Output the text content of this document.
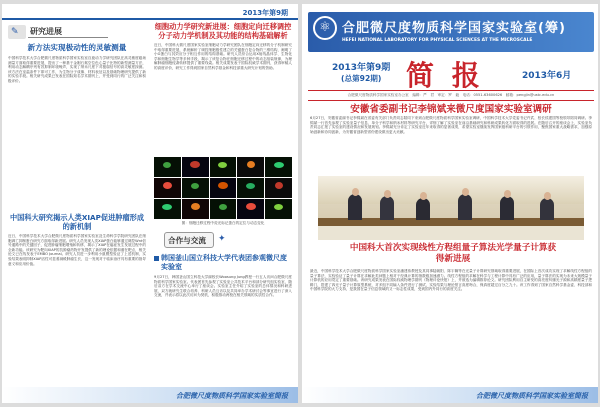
2013年第9期
✎ 研究进展
新方法实现极动性的灵敏测量
中国科学技术大学合肥微尺度物质科学国家实验室自旋动力学研究团队在高灵敏度磁场测量方面取得重要进展，提出了一种基于金刚石氮空位色心量子比特的新型测量方法，利用动态解耦序列有效抑制环境噪声，实现了纳米尺度下对极弱信号的高灵敏度探测。该方法在室温条件下即可工作，为生物分子成像、材料表征以及基础物理研究提供了新的实验手段。相关研究成果已发表在国际知名学术期刊上，并受到同行的广泛关注和积极评价。
中国科大研究揭示人类XIAP促进肿瘤形成的新机制
近日，中国科学技术大学合肥微尺度物质科学国家实验室及生命科学学院研究团队在细胞凋亡抑制蛋白研究方面取得新进展。研究人员发现人类XIAP蛋白能够通过调控Wnt信号通路中的关键因子，促进肿瘤细胞增殖和转移，揭示了XIAP在癌症发生发展过程中的全新功能。该研究为靶向XIAP的抗肿瘤药物开发提供了新的理论依据和潜在靶点，相关论文已在线发表于EMBO Journal。研究人员进一步利用小鼠模型验证了上述机制，实验结果表明抑制XIAP活性可显著减缓肿瘤生长，这一发现对于临床治疗具有重要的指导意义和应用价值。
细胞动力学研究新进展：细胞定向迁移调控分子动力学机制及其功能的结构基础解析
近日，中国科大微尺度国家实验室细胞动力学研究团队在细胞定向迁移的分子机制研究中取得重要进展，系统解析了调控细胞极性建立的关键蛋白复合物的三维结构，阐明了小G蛋白与其效应分子相互作用的结构基础。研究人员综合运用X射线晶体学、生物化学和细胞生物学等多种手段，揭示了该复合物在细胞迁移过程中的动态组装规律，为理解肿瘤细胞侵袭转移提供了重要线索。相关成果发表于国际权威学术期刊，获得审稿人的高度评价，研究工作得到国家自然科学基金和科技部重大研究计划的资助。
图：细胞迁移过程中荧光标记蛋白的定位与动态变化
合作与交流 ✦
韩国釜山国立科技大学代表团参观微尺度实验室
9月27日，韩国釜山国立科技大学副校长Woosung Jung教授一行五人访问合肥微尺度物质科学国家实验室。代表团首先参观了实验室公共技术平台和部分研究组实验室，随后双方在学术交流中心举行了座谈会。实验室主任介绍了实验室的总体情况和科研进展，双方就研究生联合培养、科研人员互访以及共同举办学术研讨会等事宜进行了深入交流，并表示将以此次访问为契机，积极推动两校在相关领域的实质性合作。
合肥微尺度物质科学国家实验室简报
⚛ 合肥微尺度物质科学国家实验室(筹)
HEFEI NATIONAL LABORATORY FOR PHYSICAL SCIENCES AT THE MICROSCALE
2013年第9期
(总第92期) 简 报	2013年6月
合肥微尺度物质科学国家实验室办公室　编辑：严　君　审定：罗　毅　电话：0551-63600626　邮箱：pengjin@ustc.edu.cn
安徽省委副书记李锦斌来微尺度国家实验室调研
6月27日，安徽省委副书记李锦斌在省委有关部门负责同志陪同下来到合肥微尺度物质科学国家实验室调研，中国科学技术大学党委书记许武、校长侯建国等校领导陪同调研。李锦斌一行首先参观了实验室量子信息、单分子科学和纳米材料等研究平台，详细了解了实验室在前沿基础研究和科研成果转化方面取得的进展。在随后召开的座谈会上，实验室负责同志汇报了实验室的建设情况和发展规划。李锦斌充分肯定了实验室近年来取得的显著成绩，希望实验室继续发挥国家级科研平台的引领作用，聚焦国家重大战略需求，加强原始创新和协同创新，为安徽省创新型省份建设做出更大贡献。
中国科大首次实现线性方程组量子算法光学量子计算获得新进展
最近，中国科学技术大学合肥微尺度物质科学国家实验室潘建伟教授及其同事陆朝阳、陈宇翱等在光量子计算研究领域取得重要进展，在国际上首次成功实现了求解线性方程组的量子算法，实验验证了量子计算在求解此类问题上相对于经典计算的指数级加速潜力。线性方程组的求解在科学与工程计算中具有广泛的应用，量子算法的实现为未来大规模量子计算机的应用奠定了重要基础。该研究成果发表在国际权威物理学期刊《物理评论快报》上，并被选为编辑推荐论文。研究团队利用自主研发的高亮度纠缠光子源和高精度量子逻辑门，搭建了四光子量子计算原型系统，对多组不同输入条件进行了测试，实验结果与理论预言高度吻合，保真度超过百分之九十。该工作得到了国家自然科学基金委、科技部和中国科学院的大力支持，是我国在量子信息领域的又一标志性成果，受到国内外同行的高度关注。
合肥微尺度物质科学国家实验室简报
